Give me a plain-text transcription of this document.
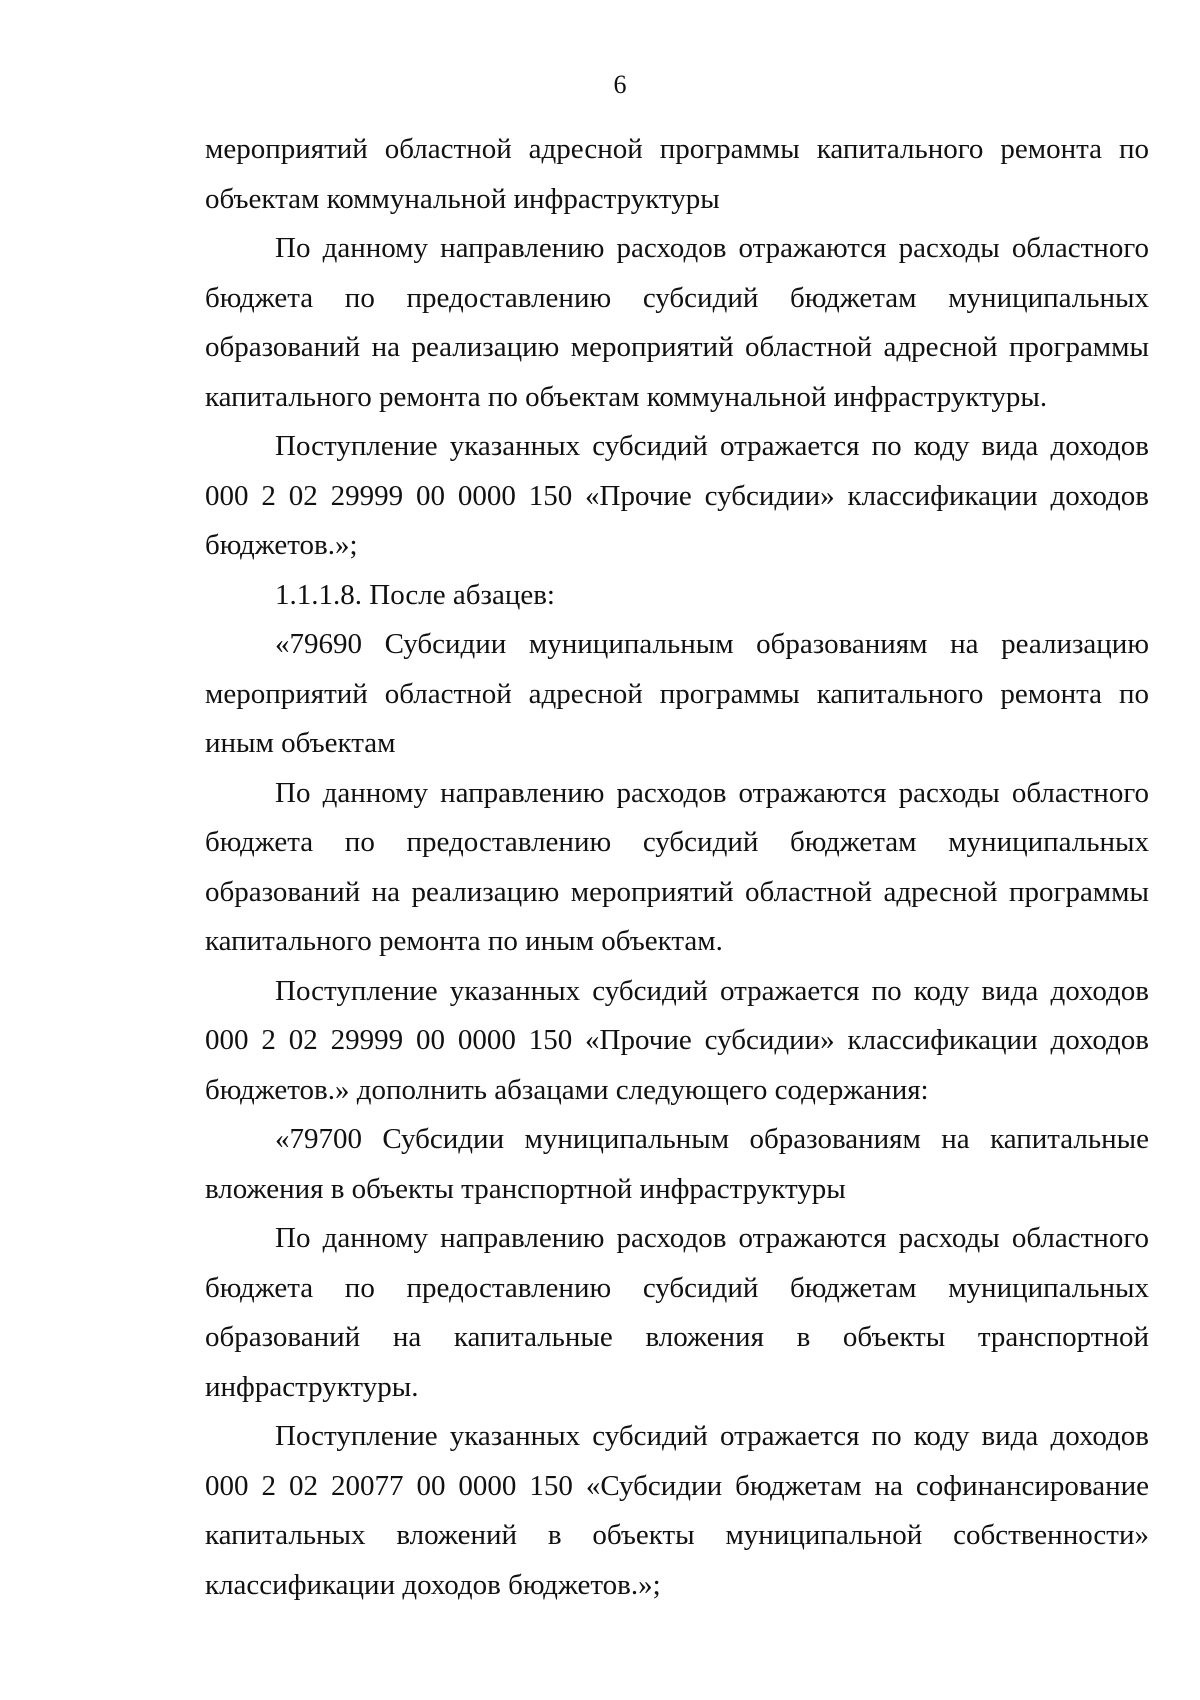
6

мероприятий областной адресной программы капитального ремонта по объектам коммунальной инфраструктуры

По данному направлению расходов отражаются расходы областного бюджета по предоставлению субсидий бюджетам муниципальных образований на реализацию мероприятий областной адресной программы капитального ремонта по объектам коммунальной инфраструктуры.

Поступление указанных субсидий отражается по коду вида доходов 000 2 02 29999 00 0000 150 «Прочие субсидии» классификации доходов бюджетов.»;

1.1.1.8. После абзацев:

«79690 Субсидии муниципальным образованиям на реализацию мероприятий областной адресной программы капитального ремонта по иным объектам

По данному направлению расходов отражаются расходы областного бюджета по предоставлению субсидий бюджетам муниципальных образований на реализацию мероприятий областной адресной программы капитального ремонта по иным объектам.

Поступление указанных субсидий отражается по коду вида доходов 000 2 02 29999 00 0000 150 «Прочие субсидии» классификации доходов бюджетов.» дополнить абзацами следующего содержания:

«79700 Субсидии муниципальным образованиям на капитальные вложения в объекты транспортной инфраструктуры

По данному направлению расходов отражаются расходы областного бюджета по предоставлению субсидий бюджетам муниципальных образований на капитальные вложения в объекты транспортной инфраструктуры.

Поступление указанных субсидий отражается по коду вида доходов 000 2 02 20077 00 0000 150 «Субсидии бюджетам на софинансирование капитальных вложений в объекты муниципальной собственности» классификации доходов бюджетов.»;
